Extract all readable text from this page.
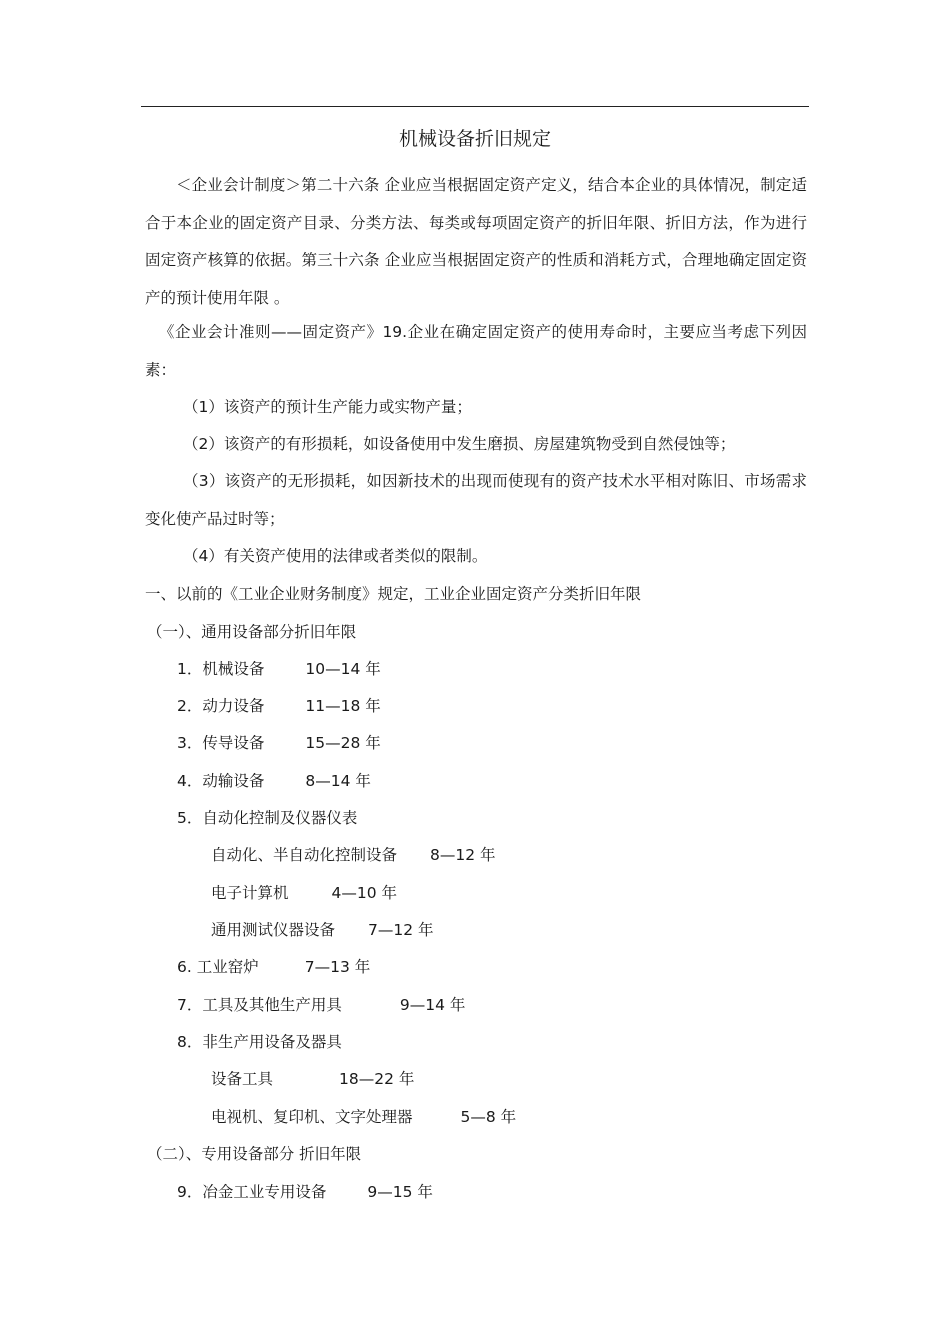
机械设备折旧规定
＜企业会计制度＞第二十六条 企业应当根据固定资产定义，结合本企业的具体情况，制定适合于本企业的固定资产目录、分类方法、每类或每项固定资产的折旧年限、折旧方法，作为进行固定资产核算的依据。第三十六条 企业应当根据固定资产的性质和消耗方式，合理地确定固定资产的预计使用年限 。
《企业会计准则——固定资产》19.企业在确定固定资产的使用寿命时，主要应当考虑下列因素：
（1）该资产的预计生产能力或实物产量；
（2）该资产的有形损耗，如设备使用中发生磨损、房屋建筑物受到自然侵蚀等；
（3）该资产的无形损耗，如因新技术的出现而使现有的资产技术水平相对陈旧、市场需求变化使产品过时等；
（4）有关资产使用的法律或者类似的限制。
一、以前的《工业企业财务制度》规定，工业企业固定资产分类折旧年限
（一）、通用设备部分折旧年限
1．机械设备	10—14 年
2．动力设备	11—18 年
3．传导设备	15—28 年
4．动输设备	8—14 年
5．自动化控制及仪器仪表
自动化、半自动化控制设备 8—12 年
电子计算机	4—10 年
通用测试仪器设备 7—12 年
6. 工业窑炉	7—13 年
7．工具及其他生产用具	9—14 年
8．非生产用设备及器具
设备工具	18—22 年
电视机、复印机、文字处理器	5—8 年
（二）、专用设备部分 折旧年限
9．冶金工业专用设备	9—15 年
